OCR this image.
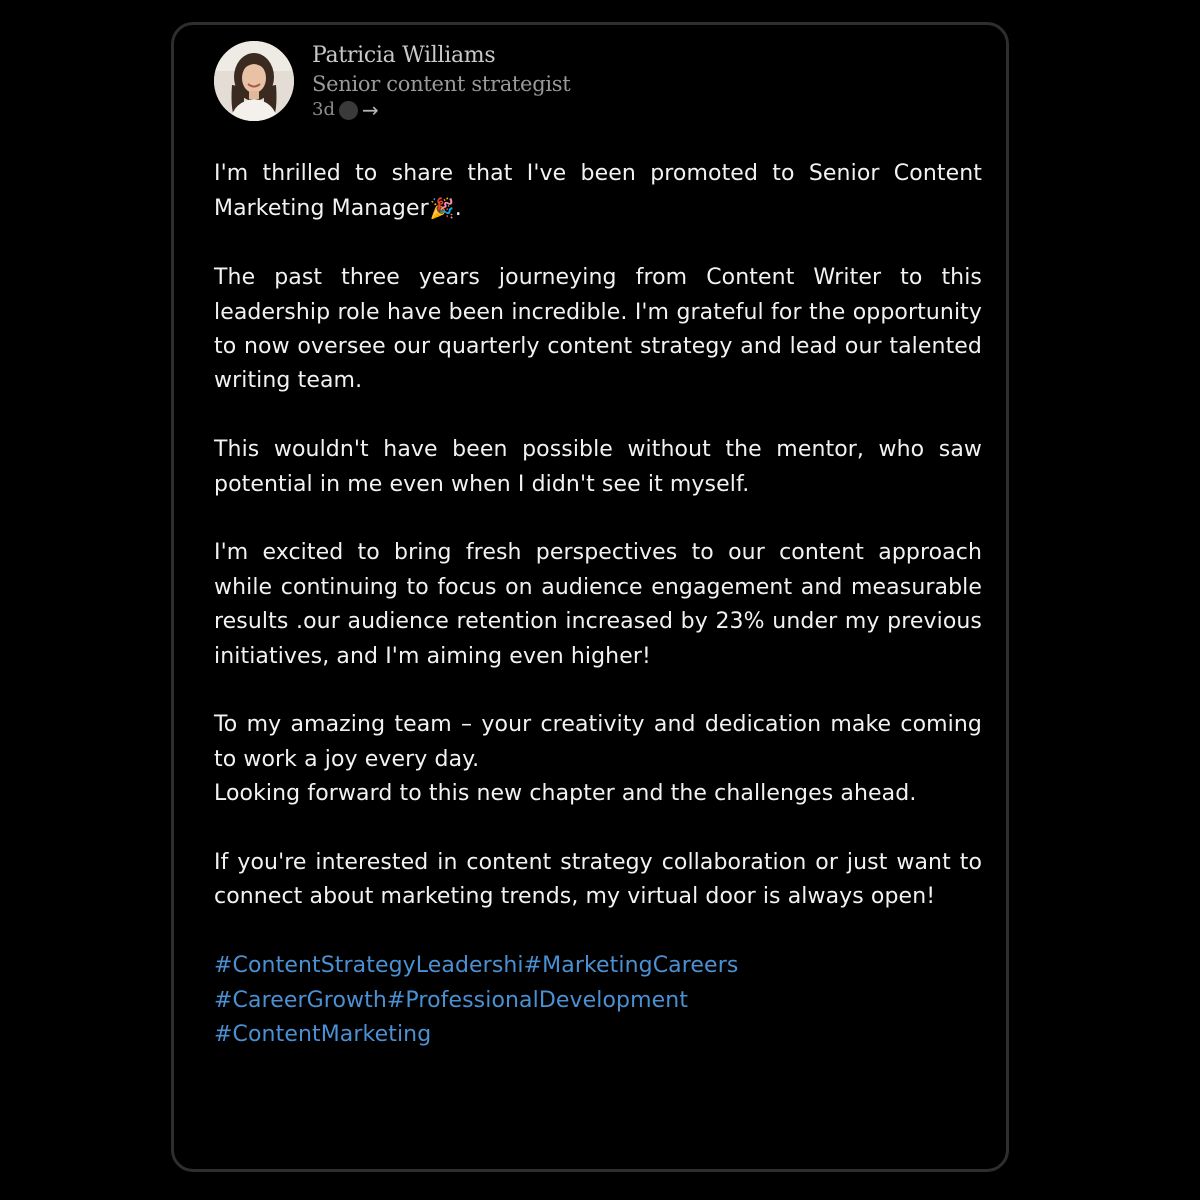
Patricia Williams
Senior content strategist
3d →

I'm thrilled to share that I've been promoted to Senior Content Marketing Manager🎉.

The past three years journeying from Content Writer to this leadership role have been incredible. I'm grateful for the opportunity to now oversee our quarterly content strategy and lead our talented writing team.

This wouldn't have been possible without the mentor, who saw potential in me even when I didn't see it myself.

I'm excited to bring fresh perspectives to our content approach while continuing to focus on audience engagement and measurable results .our audience retention increased by 23% under my previous initiatives, and I'm aiming even higher!

To my amazing team – your creativity and dedication make coming to work a joy every day.

Looking forward to this new chapter and the challenges ahead.

If you're interested in content strategy collaboration or just want to connect about marketing trends, my virtual door is always open!

#ContentStrategyLeadershi#MarketingCareers
#CareerGrowth#ProfessionalDevelopment
#ContentMarketing
